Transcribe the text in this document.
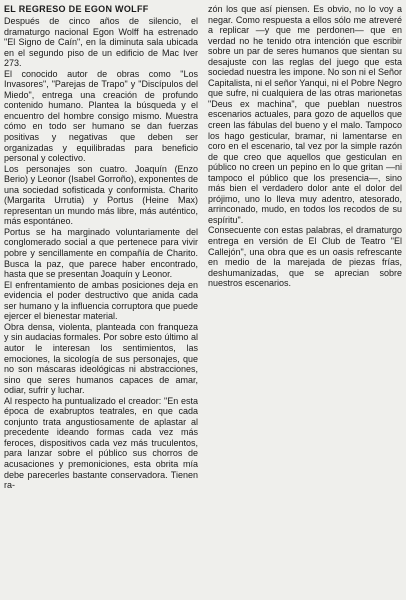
EL REGRESO DE EGON WOLFF

Después de cinco años de silencio, el dramaturgo nacional Egon Wolff ha estrenado "El Signo de Caín", en la diminuta sala ubicada en el segundo piso de un edificio de Mac Iver 273.

El conocido autor de obras como "Los Invasores", "Parejas de Trapo" y "Discípulos del Miedo", entrega una creación de profundo contenido humano. Plantea la búsqueda y el encuentro del hombre consigo mismo. Muestra cómo en todo ser humano se dan fuerzas positivas y negativas que deben ser organizadas y equilibradas para beneficio personal y colectivo.

Los personajes son cuatro. Joaquín (Enzo Berio) y Leonor (Isabel Gorroño), exponentes de una sociedad sofisticada y conformista. Charito (Margarita Urrutia) y Portus (Heine Max) representan un mundo más libre, más auténtico, más espontáneo.

Portus se ha marginado voluntariamente del conglomerado social a que pertenece para vivir pobre y sencillamente en compañía de Charito. Busca la paz, que parece haber encontrado, hasta que se presentan Joaquín y Leonor.

El enfrentamiento de ambas posiciones deja en evidencia el poder destructivo que anida cada ser humano y la influencia corruptora que puede ejercer el bienestar material.

Obra densa, violenta, planteada con franqueza y sin audacias formales. Por sobre esto último al autor le interesan los sentimientos, las emociones, la sicología de sus personajes, que no son máscaras ideológicas ni abstracciones, sino que seres humanos capaces de amar, odiar, sufrir y luchar.

Al respecto ha puntualizado el creador: "En esta época de exabruptos teatrales, en que cada conjunto trata angustiosamente de aplastar al precedente ideando formas cada vez más feroces, dispositivos cada vez más truculentos, para lanzar sobre el público sus chorros de acusaciones y premoniciones, esta obrita mía debe parecerles bastante conservadora. Tienen ra-

zón los que así piensen. Es obvio, no lo voy a negar. Como respuesta a ellos sólo me atreveré a replicar —y que me perdonen— que en verdad no he tenido otra intención que escribir sobre un par de seres humanos que sientan su desajuste con las reglas del juego que esta sociedad nuestra les impone. No son ni el Señor Capitalista, ni el señor Yanqui, ni el Pobre Negro que sufre, ni cualquiera de las otras marionetas "Deus ex machina", que pueblan nuestros escenarios actuales, para gozo de aquellos que creen las fábulas del bueno y el malo. Tampoco los hago gesticular, bramar, ni lamentarse en coro en el escenario, tal vez por la simple razón de que creo que aquellos que gesticulan en público no creen un pepino en lo que gritan —ni tampoco el público que los presencia—, sino más bien el verdadero dolor ante el dolor del prójimo, uno lo lleva muy adentro, atesorado, arrinconado, mudo, en todos los recodos de su espíritu".

Consecuente con estas palabras, el dramaturgo entrega en versión de El Club de Teatro "El Callejón", una obra que es un oasis refrescante en medio de la marejada de piezas frías, deshumanizadas, que se aprecian sobre nuestros escenarios.
